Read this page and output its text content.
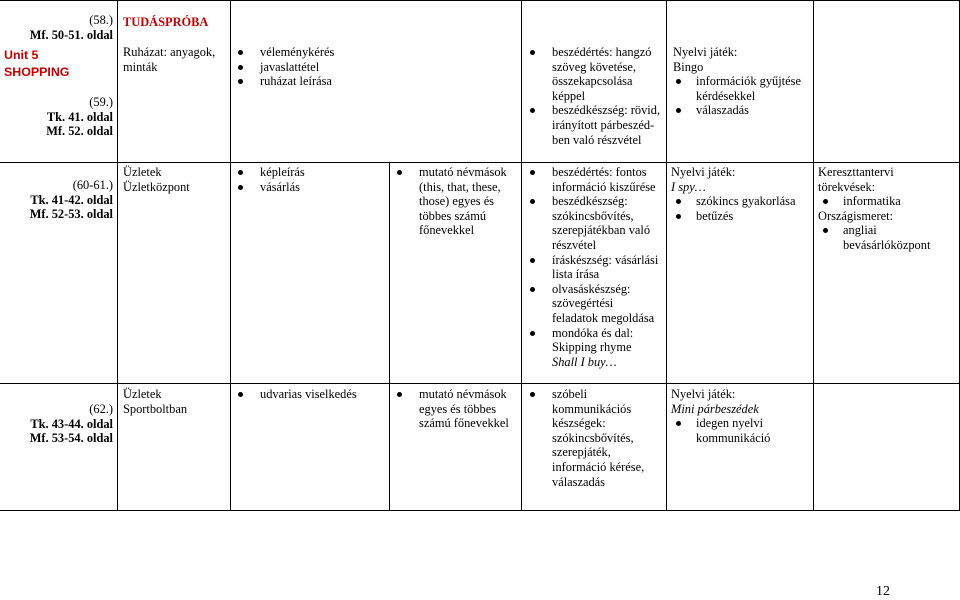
(58.)
Mf. 50-51. oldal
Unit 5
SHOPPING
(59.)
Tk. 41. oldal
Mf. 52. oldal
TUDÁSPRÓBA
Ruházat: anyagok,
minták
véleménykérés
javaslattétel
ruházat leírása
beszédértés: hangzó
szöveg követése,
összekapcsolása
képpel
beszédkészség: rövid,
irányított párbeszéd-
ben való részvétel
Nyelvi játék:
Bingo
információk gyűjtése
kérdésekkel
válaszadás
(60-61.)
Tk. 41-42. oldal
Mf. 52-53. oldal
Üzletek
Üzletközpont
képleírás
vásárlás
mutató névmások
(this, that, these,
those) egyes és
többes számú
főnevekkel
beszédértés: fontos
információ kiszűrése
beszédkészség:
szókincsbővítés,
szerepjátékban való
részvétel
íráskészség: vásárlási
lista írása
olvasáskészség:
szövegértési
feladatok megoldása
mondóka és dal:
Skipping rhyme
Shall I buy…
Nyelvi játék:
I spy…
szókincs gyakorlása
betűzés
Kereszttantervi
törekvések:
informatika
Országismeret:
angliai
bevásárlóközpont
(62.)
Tk. 43-44. oldal
Mf. 53-54. oldal
Üzletek
Sportboltban
udvarias viselkedés	mutató névmások
egyes és többes
számú főnevekkel
szóbeli
kommunikációs
készségek:
szókincsbővítés,
szerepjáték,
információ kérése,
válaszadás
Nyelvi játék:
Mini párbeszédek
idegen nyelvi
kommunikáció
12
